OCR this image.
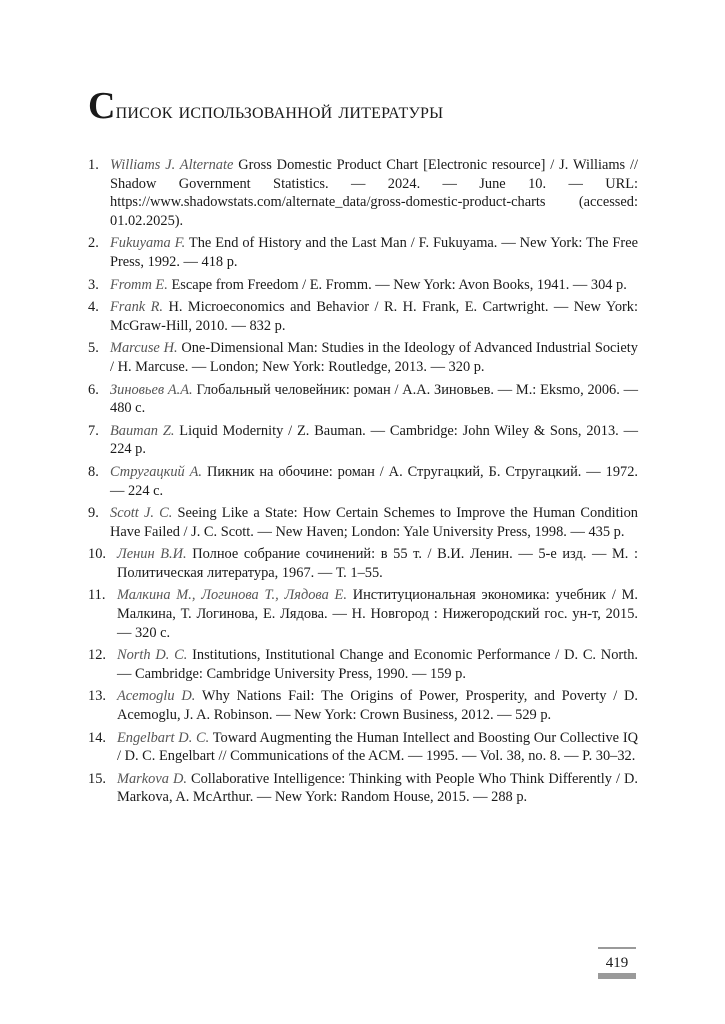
Список использованной литературы
1. Williams J. Alternate Gross Domestic Product Chart [Electronic resource] / J. Williams // Shadow Government Statistics. — 2024. — June 10. — URL: https://www.shadowstats.com/alternate_data/gross-domestic-product-charts (accessed: 01.02.2025).
2. Fukuyama F. The End of History and the Last Man / F. Fukuyama. — New York: The Free Press, 1992. — 418 p.
3. Fromm E. Escape from Freedom / E. Fromm. — New York: Avon Books, 1941. — 304 p.
4. Frank R. H. Microeconomics and Behavior / R. H. Frank, E. Cartwright. — New York: McGraw-Hill, 2010. — 832 p.
5. Marcuse H. One-Dimensional Man: Studies in the Ideology of Advanced Industrial Society / H. Marcuse. — London; New York: Routledge, 2013. — 320 p.
6. Зиновьев А.А. Глобальный человейник: роман / А.А. Зиновьев. — М.: Eksmo, 2006. — 480 с.
7. Bauman Z. Liquid Modernity / Z. Bauman. — Cambridge: John Wiley & Sons, 2013. — 224 p.
8. Стругацкий А. Пикник на обочине: роман / А. Стругацкий, Б. Стругацкий. — 1972. — 224 с.
9. Scott J. C. Seeing Like a State: How Certain Schemes to Improve the Human Condition Have Failed / J. C. Scott. — New Haven; London: Yale University Press, 1998. — 435 p.
10. Ленин В.И. Полное собрание сочинений: в 55 т. / В.И. Ленин. — 5-е изд. — М. : Политическая литература, 1967. — Т. 1–55.
11. Малкина М., Логинова Т., Лядова Е. Институциональная экономика: учебник / М. Малкина, Т. Логинова, Е. Лядова. — Н. Новгород : Нижегородский гос. ун-т, 2015. — 320 с.
12. North D. C. Institutions, Institutional Change and Economic Performance / D. C. North. — Cambridge: Cambridge University Press, 1990. — 159 p.
13. Acemoglu D. Why Nations Fail: The Origins of Power, Prosperity, and Poverty / D. Acemoglu, J. A. Robinson. — New York: Crown Business, 2012. — 529 p.
14. Engelbart D. C. Toward Augmenting the Human Intellect and Boosting Our Collective IQ / D. C. Engelbart // Communications of the ACM. — 1995. — Vol. 38, no. 8. — P. 30–32.
15. Markova D. Collaborative Intelligence: Thinking with People Who Think Differently / D. Markova, A. McArthur. — New York: Random House, 2015. — 288 p.
419
